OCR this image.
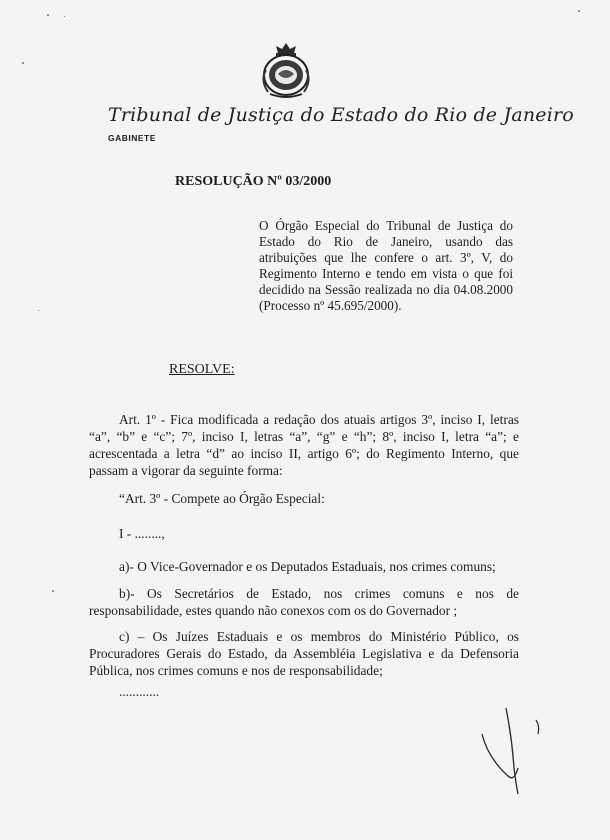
Tribunal de Justiça do Estado do Rio de Janeiro
GABINETE
RESOLUÇÃO Nº 03/2000
O Órgão Especial do Tribunal de Justiça do Estado do Rio de Janeiro, usando das atribuições que lhe confere o art. 3º, V, do Regimento Interno e tendo em vista o que foi decidido na Sessão realizada no dia 04.08.2000 (Processo nº 45.695/2000).
RESOLVE:

Art. 1º - Fica modificada a redação dos atuais artigos 3º, inciso I, letras “a”, “b” e “c”; 7º, inciso I, letras “a”, “g” e “h”; 8º, inciso I, letra “a”; e acrescentada a letra “d” ao inciso II, artigo 6º; do Regimento Interno, que passam a vigorar da seguinte forma:

“Art. 3º - Compete ao Órgão Especial:
I - ........,

a)- O Vice-Governador e os Deputados Estaduais, nos crimes comuns;

b)- Os Secretários de Estado, nos crimes comuns e nos de responsabilidade, estes quando não conexos com os do Governador ;

c) – Os Juízes Estaduais e os membros do Ministério Público, os Procuradores Gerais do Estado, da Assembléia Legislativa e da Defensoria Pública, nos crimes comuns e nos de responsabilidade;

............
